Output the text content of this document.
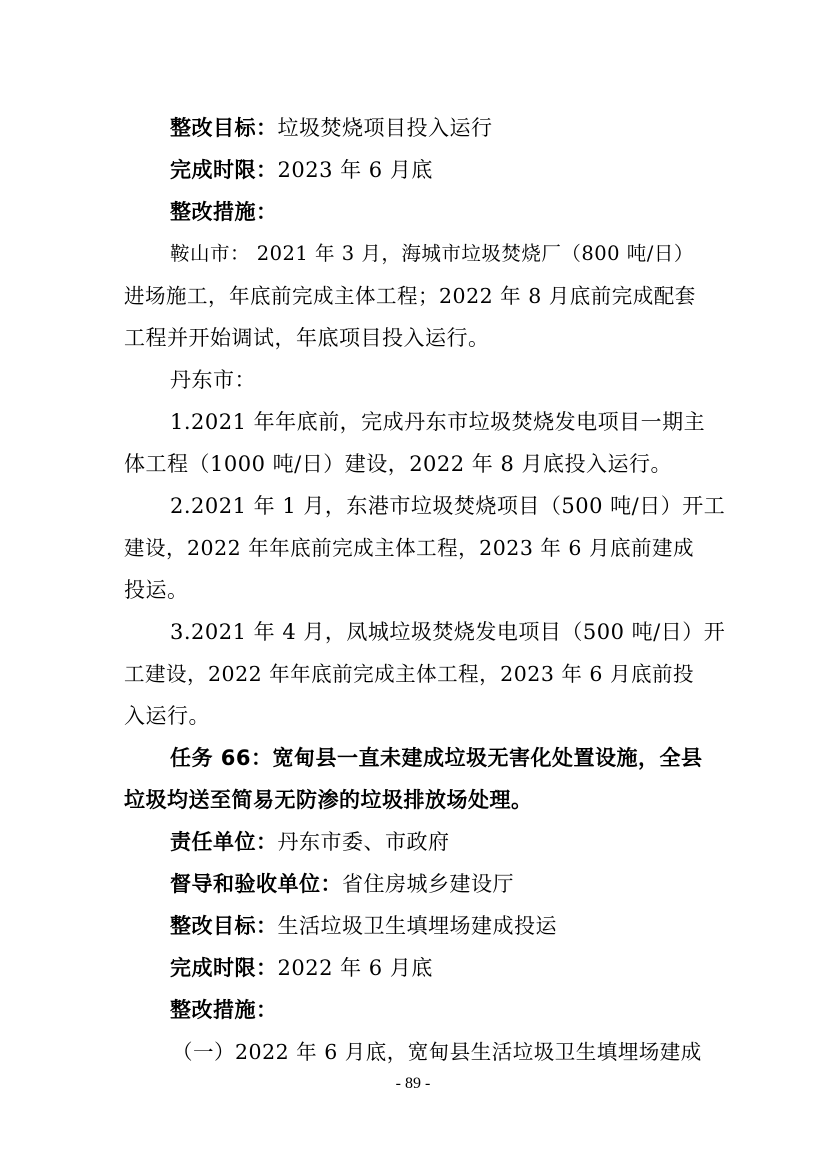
整改目标：垃圾焚烧项目投入运行
完成时限：2023 年 6 月底
整改措施：
鞍山市： 2021 年 3 月，海城市垃圾焚烧厂（800 吨/日）
进场施工，年底前完成主体工程；2022 年 8 月底前完成配套
工程并开始调试，年底项目投入运行。
丹东市：
1.2021 年年底前，完成丹东市垃圾焚烧发电项目一期主
体工程（1000 吨/日）建设，2022 年 8 月底投入运行。
2.2021 年 1 月，东港市垃圾焚烧项目（500 吨/日）开工
建设，2022 年年底前完成主体工程，2023 年 6 月底前建成
投运。
3.2021 年 4 月，凤城垃圾焚烧发电项目（500 吨/日）开
工建设，2022 年年底前完成主体工程，2023 年 6 月底前投
入运行。
任务 66：宽甸县一直未建成垃圾无害化处置设施，全县
垃圾均送至简易无防渗的垃圾排放场处理。
责任单位：丹东市委、市政府
督导和验收单位：省住房城乡建设厅
整改目标：生活垃圾卫生填埋场建成投运
完成时限：2022 年 6 月底
整改措施：
（一）2022 年 6 月底，宽甸县生活垃圾卫生填埋场建成
- 89 -
